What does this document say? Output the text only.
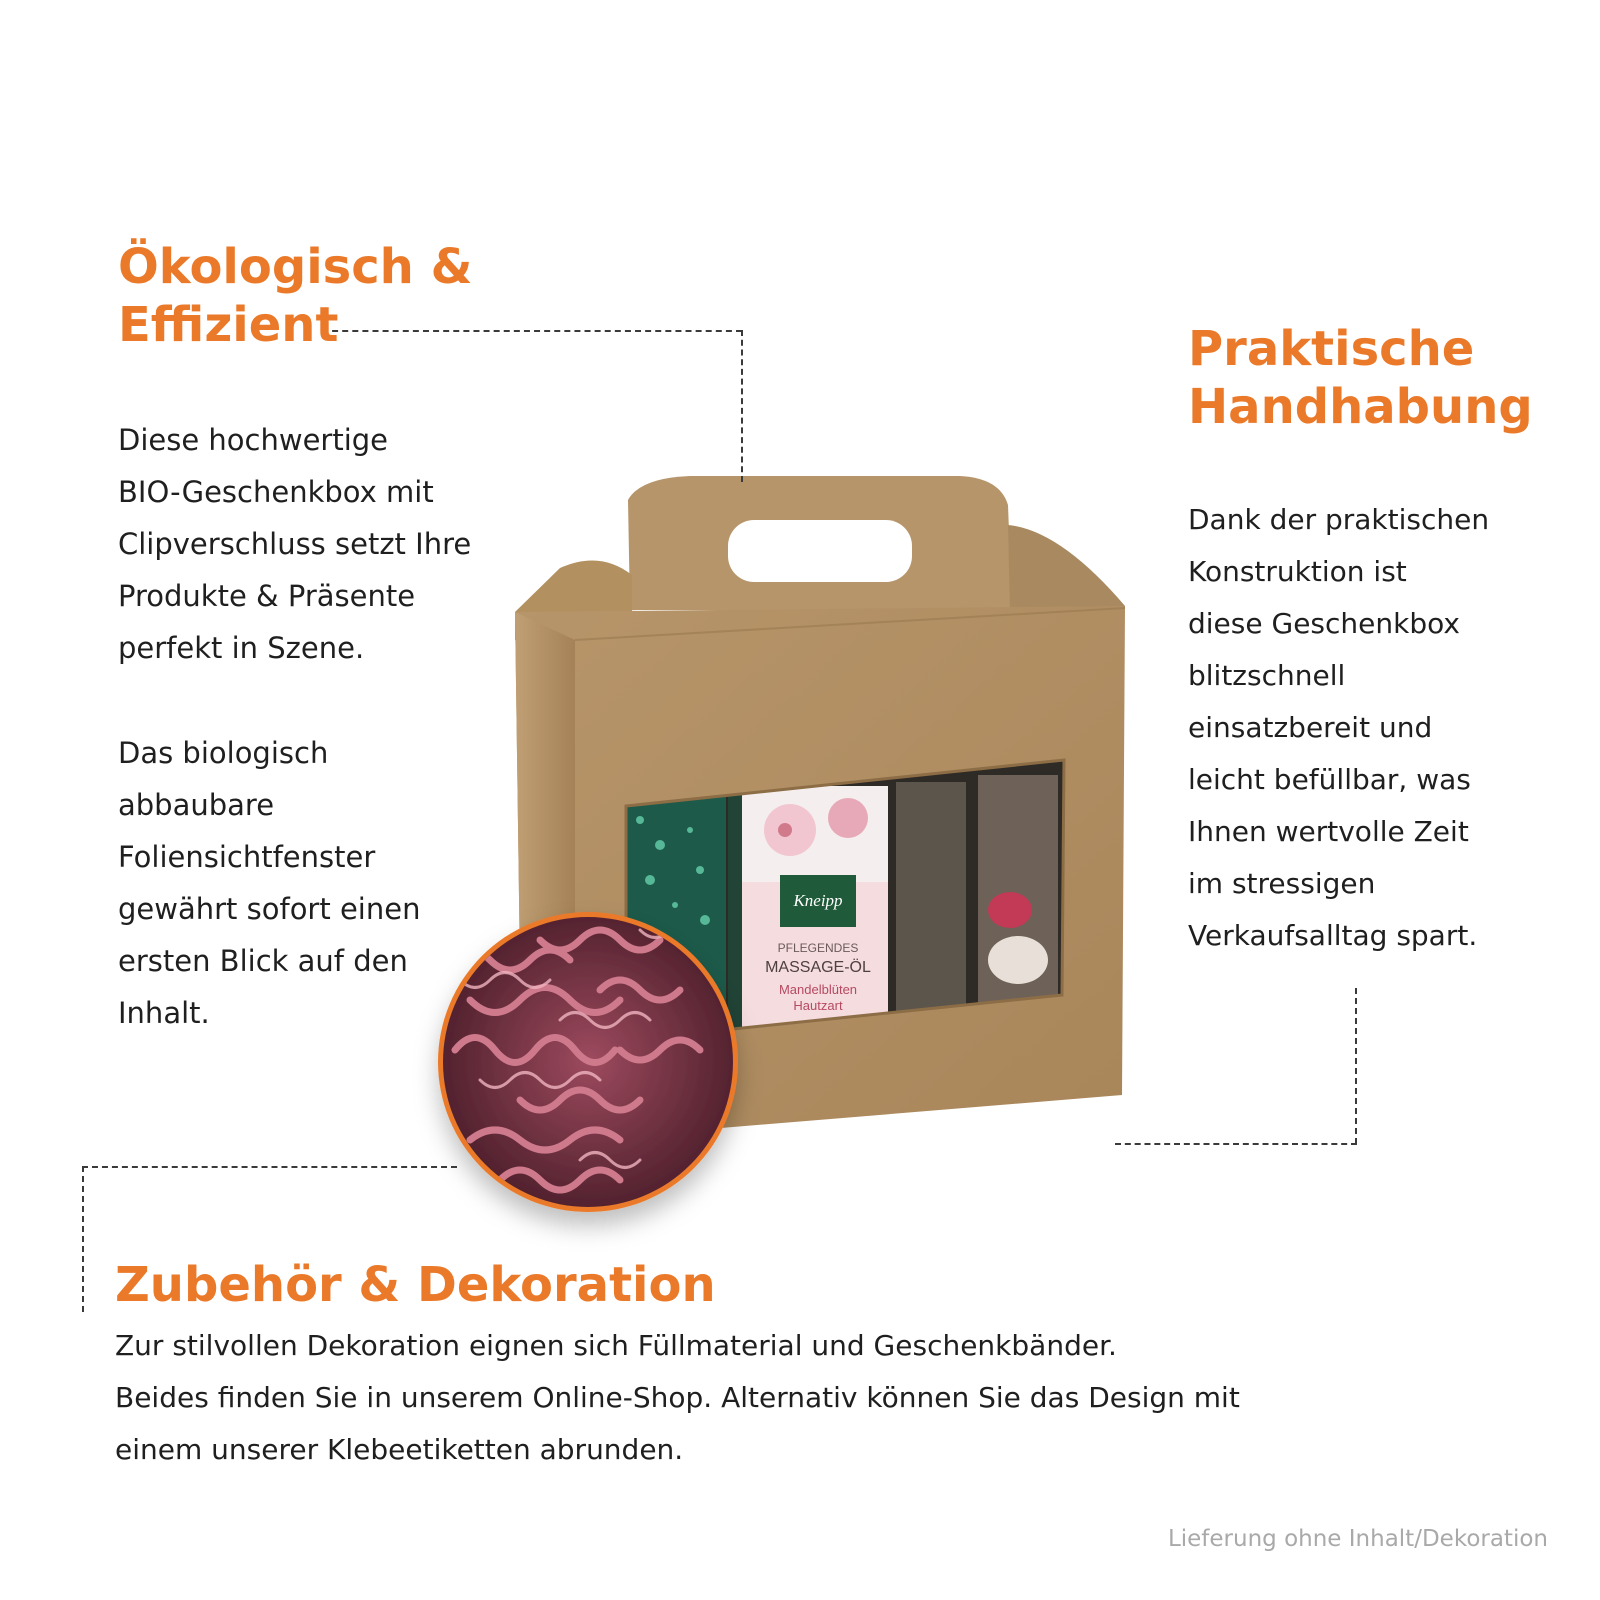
Kneipp
PFLEGENDES
MASSAGE-ÖL
Mandelblüten
Hautzart
Ökologisch &
Effizient
Diese hochwertige
BIO-Geschenkbox mit
Clipverschluss setzt Ihre
Produkte & Präsente
perfekt in Szene.
Das biologisch
abbaubare
Foliensichtfenster
gewährt sofort einen
ersten Blick auf den
Inhalt.
Praktische
Handhabung
Dank der praktischen
Konstruktion ist
diese Geschenkbox
blitzschnell
einsatzbereit und
leicht befüllbar, was
Ihnen wertvolle Zeit
im stressigen
Verkaufsalltag spart.
Zubehör & Dekoration
Zur stilvollen Dekoration eignen sich Füllmaterial und Geschenkbänder.
Beides finden Sie in unserem Online-Shop. Alternativ können Sie das Design mit
einem unserer Klebeetiketten abrunden.
Lieferung ohne Inhalt/Dekoration
